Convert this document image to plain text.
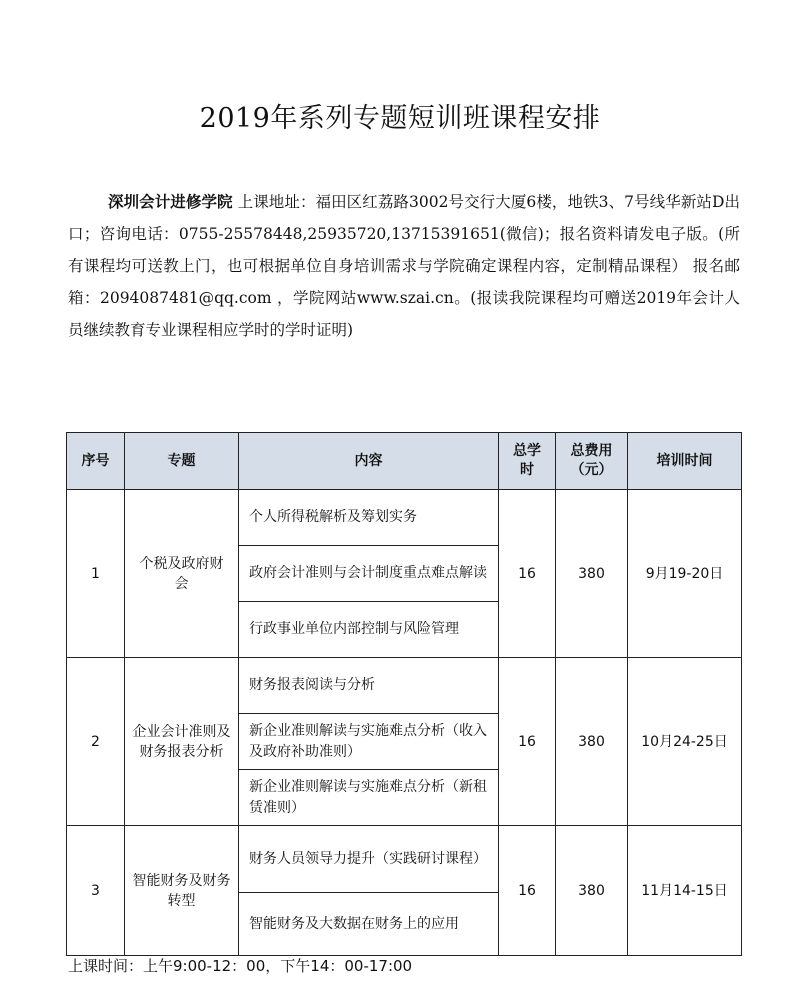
2019年系列专题短训班课程安排
深圳会计进修学院 上课地址：福田区红荔路3002号交行大厦6楼，地铁3、7号线华新站D出口；咨询电话：0755-25578448,25935720,13715391651(微信)；报名资料请发电子版。(所有课程均可送教上门，也可根据单位自身培训需求与学院确定课程内容，定制精品课程） 报名邮箱：2094087481@qq.com ，学院网站www.szai.cn。(报读我院课程均可赠送2019年会计人员继续教育专业课程相应学时的学时证明)
序号	专题	内容	总学时	总费用（元）	培训时间
1	个税及政府财会	个人所得税解析及筹划实务	16	380	9月19-20日
		政府会计准则与会计制度重点难点解读			
		行政事业单位内部控制与风险管理			
2	企业会计准则及财务报表分析	财务报表阅读与分析	16	380	10月24-25日
		新企业准则解读与实施难点分析（收入及政府补助准则）			
		新企业准则解读与实施难点分析（新租赁准则）			
3	智能财务及财务转型	财务人员领导力提升（实践研讨课程）	16	380	11月14-15日
		智能财务及大数据在财务上的应用			
上课时间：上午9:00-12：00，下午14：00-17:00
